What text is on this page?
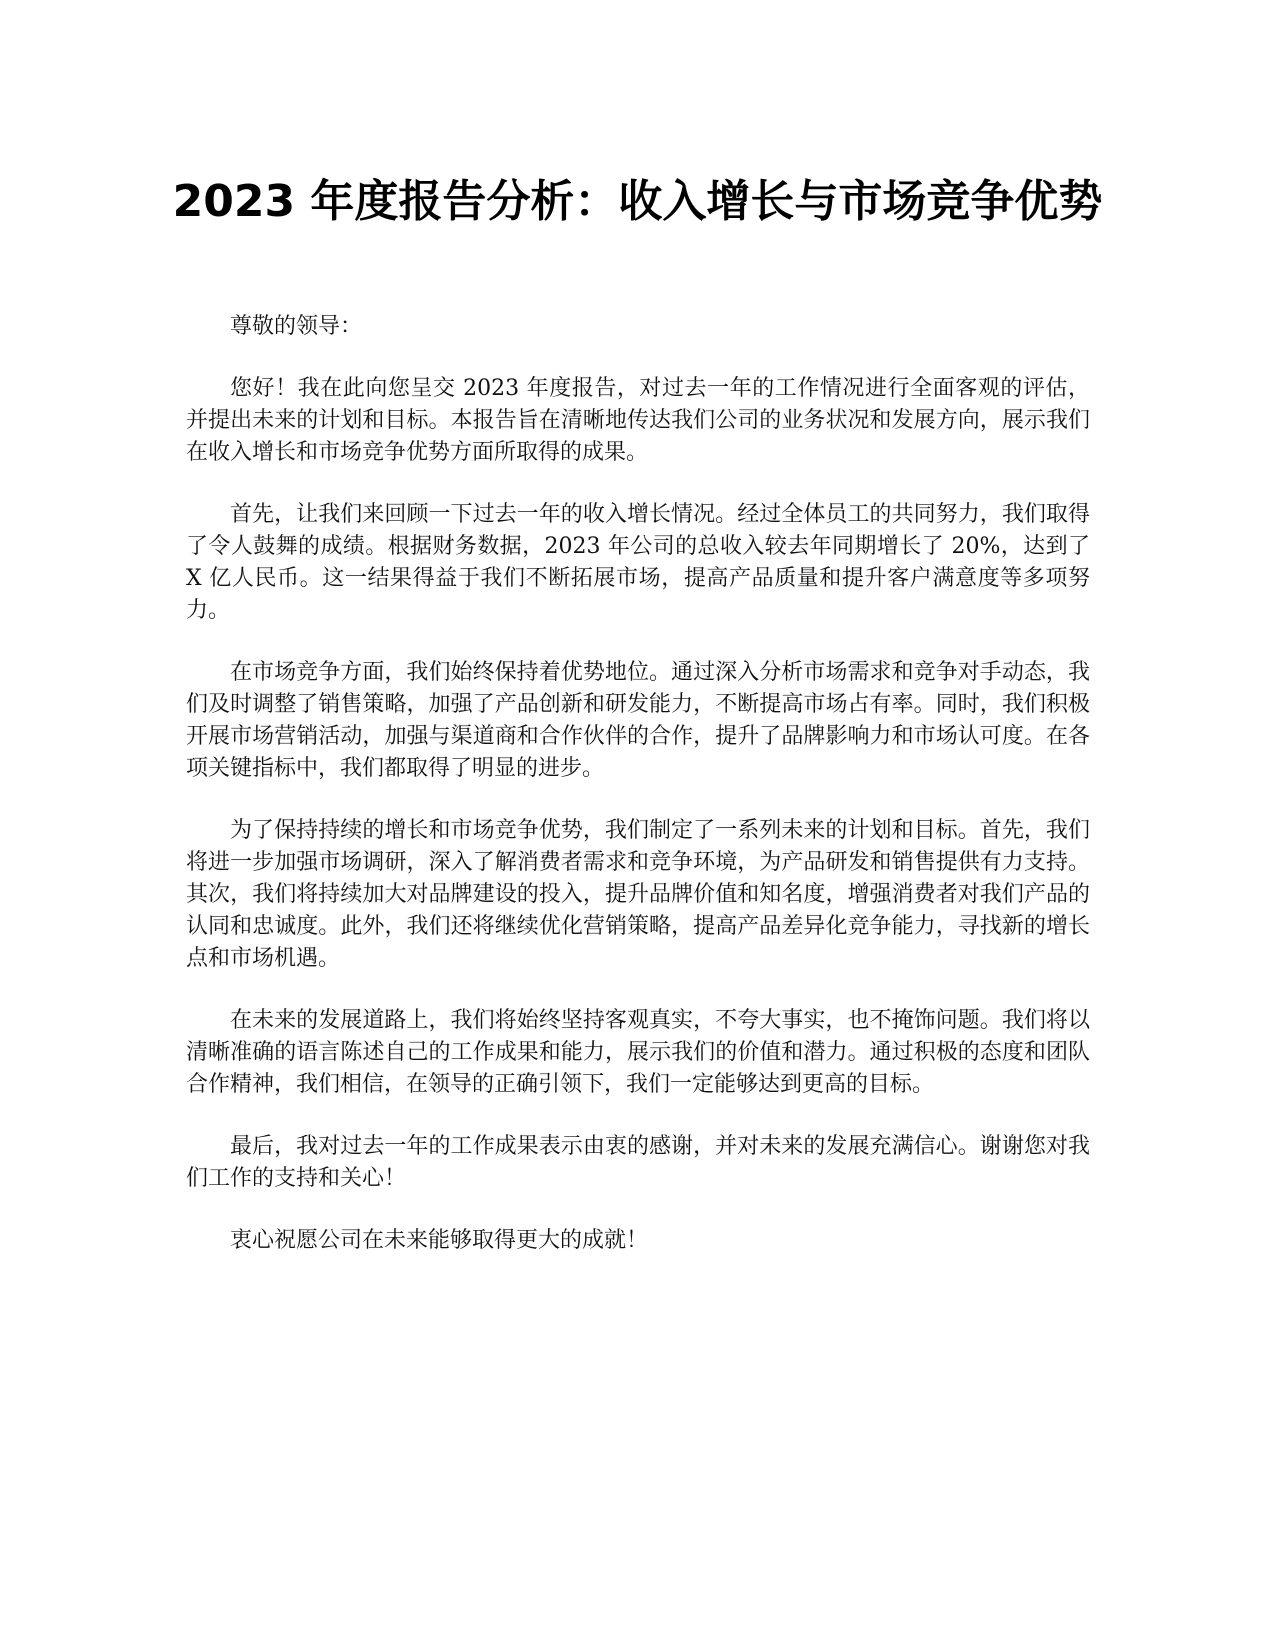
2023 年度报告分析：收入增长与市场竞争优势

尊敬的领导：

您好！我在此向您呈交 2023 年度报告，对过去一年的工作情况进行全面客观的评估，并提出未来的计划和目标。本报告旨在清晰地传达我们公司的业务状况和发展方向，展示我们在收入增长和市场竞争优势方面所取得的成果。

首先，让我们来回顾一下过去一年的收入增长情况。经过全体员工的共同努力，我们取得了令人鼓舞的成绩。根据财务数据，2023 年公司的总收入较去年同期增长了 20%，达到了 X 亿人民币。这一结果得益于我们不断拓展市场，提高产品质量和提升客户满意度等多项努力。

在市场竞争方面，我们始终保持着优势地位。通过深入分析市场需求和竞争对手动态，我们及时调整了销售策略，加强了产品创新和研发能力，不断提高市场占有率。同时，我们积极开展市场营销活动，加强与渠道商和合作伙伴的合作，提升了品牌影响力和市场认可度。在各项关键指标中，我们都取得了明显的进步。

为了保持持续的增长和市场竞争优势，我们制定了一系列未来的计划和目标。首先，我们将进一步加强市场调研，深入了解消费者需求和竞争环境，为产品研发和销售提供有力支持。其次，我们将持续加大对品牌建设的投入，提升品牌价值和知名度，增强消费者对我们产品的认同和忠诚度。此外，我们还将继续优化营销策略，提高产品差异化竞争能力，寻找新的增长点和市场机遇。

在未来的发展道路上，我们将始终坚持客观真实，不夸大事实，也不掩饰问题。我们将以清晰准确的语言陈述自己的工作成果和能力，展示我们的价值和潜力。通过积极的态度和团队合作精神，我们相信，在领导的正确引领下，我们一定能够达到更高的目标。

最后，我对过去一年的工作成果表示由衷的感谢，并对未来的发展充满信心。谢谢您对我们工作的支持和关心！

衷心祝愿公司在未来能够取得更大的成就！
